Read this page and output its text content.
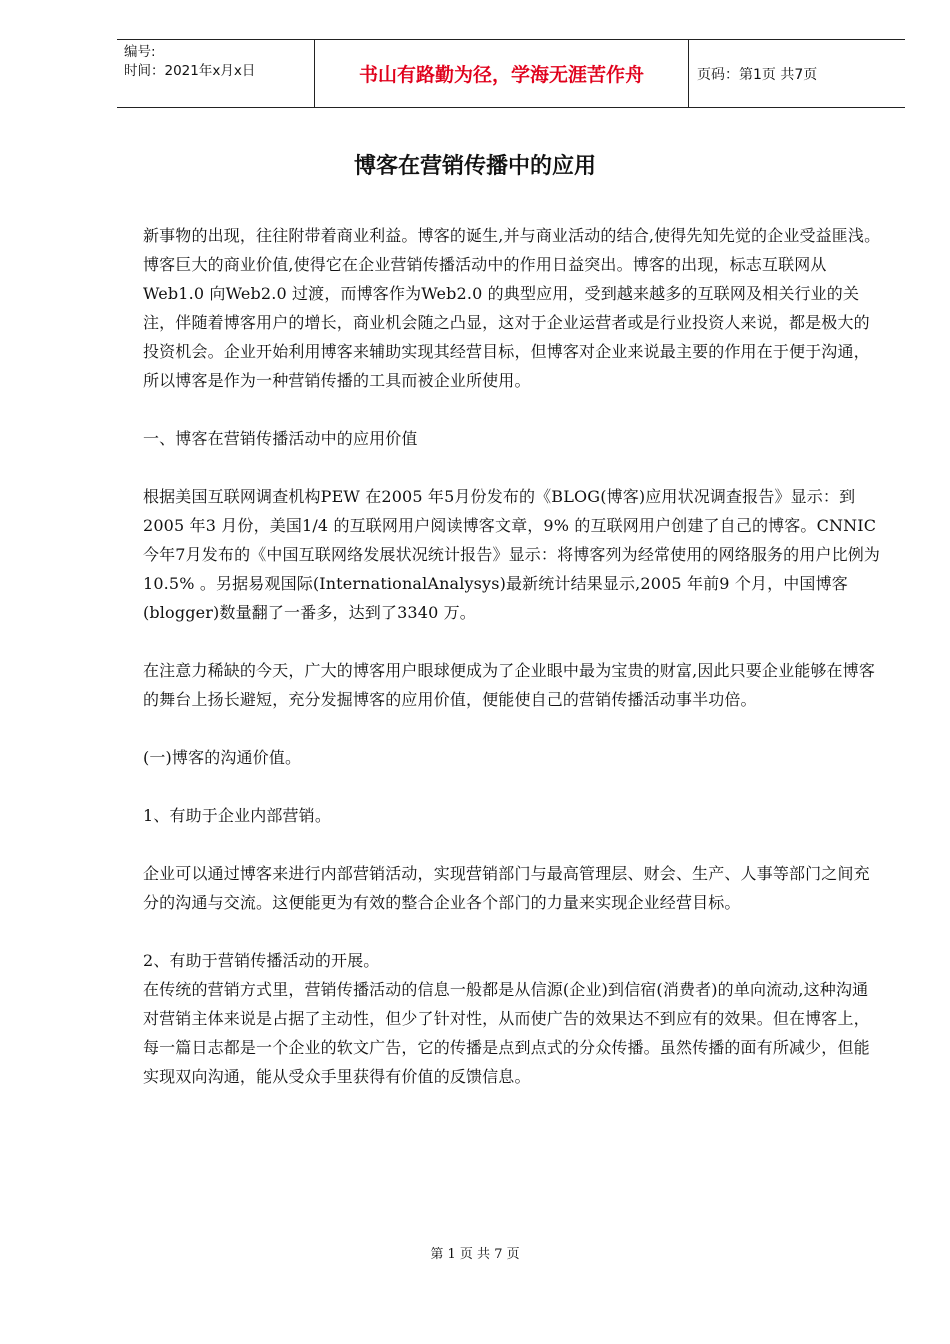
编号:
时间：2021年x月x日	书山有路勤为径，学海无涯苦作舟	页码：第1页 共7页
博客在营销传播中的应用

新事物的出现，往往附带着商业利益。博客的诞生,并与商业活动的结合,使得先知先觉的企业受益匪浅。博客巨大的商业价值,使得它在企业营销传播活动中的作用日益突出。博客的出现，标志互联网从Web1.0 向Web2.0 过渡，而博客作为Web2.0 的典型应用，受到越来越多的互联网及相关行业的关注，伴随着博客用户的增长，商业机会随之凸显，这对于企业运营者或是行业投资人来说，都是极大的投资机会。企业开始利用博客来辅助实现其经营目标，但博客对企业来说最主要的作用在于便于沟通，所以博客是作为一种营销传播的工具而被企业所使用。

一、博客在营销传播活动中的应用价值

根据美国互联网调查机构PEW 在2005 年5月份发布的《BLOG(博客)应用状况调查报告》显示：到2005 年3 月份，美国1/4 的互联网用户阅读博客文章，9% 的互联网用户创建了自己的博客。CNNIC 今年7月发布的《中国互联网络发展状况统计报告》显示：将博客列为经常使用的网络服务的用户比例为10.5% 。另据易观国际(InternationalAnalysys)最新统计结果显示,2005 年前9 个月，中国博客(blogger)数量翻了一番多，达到了3340 万。

在注意力稀缺的今天，广大的博客用户眼球便成为了企业眼中最为宝贵的财富,因此只要企业能够在博客的舞台上扬长避短，充分发掘博客的应用价值，便能使自己的营销传播活动事半功倍。

(一)博客的沟通价值。

1、有助于企业内部营销。

企业可以通过博客来进行内部营销活动，实现营销部门与最高管理层、财会、生产、人事等部门之间充分的沟通与交流。这便能更为有效的整合企业各个部门的力量来实现企业经营目标。

2、有助于营销传播活动的开展。

在传统的营销方式里，营销传播活动的信息一般都是从信源(企业)到信宿(消费者)的单向流动,这种沟通对营销主体来说是占据了主动性，但少了针对性，从而使广告的效果达不到应有的效果。但在博客上，每一篇日志都是一个企业的软文广告，它的传播是点到点式的分众传播。虽然传播的面有所减少，但能实现双向沟通，能从受众手里获得有价值的反馈信息。

第 1 页 共 7 页
